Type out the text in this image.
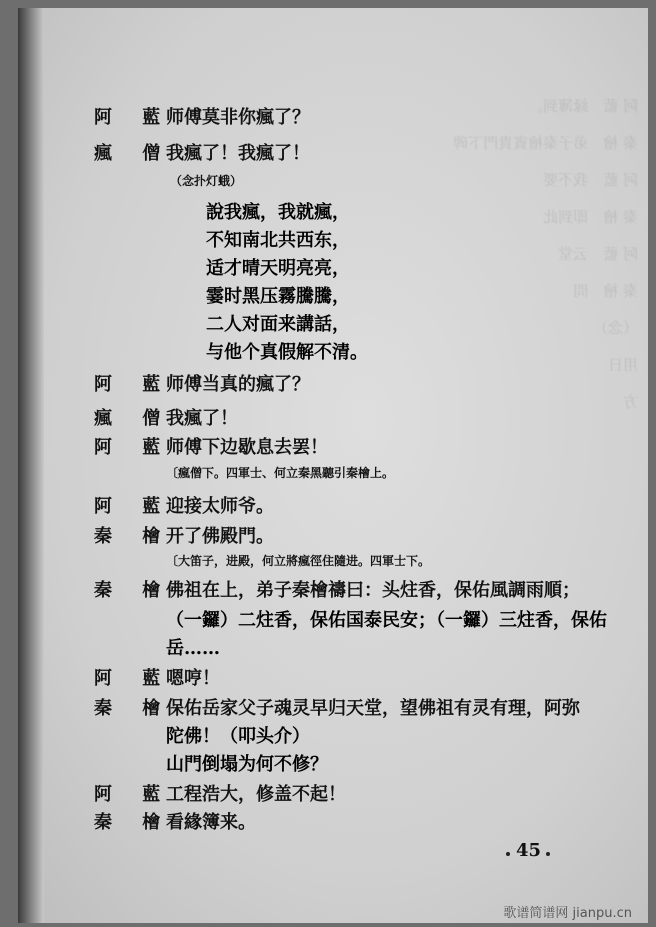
阿 藍　縁簿到。
秦 檜　弟子秦檜賓貴門下碑
阿 藍　我不要
秦 檜　即到此
阿 藍　云堂
秦 檜　問
（念）
用日
方
阿 藍
师傅莫非你瘋了？
瘋 僧
我瘋了！我瘋了！
（念扑灯蛾）
說我瘋，我就瘋，
不知南北共西东，
适才晴天明亮亮，
霎时黑压霧騰騰，
二人对面来講話，
与他个真假解不清。
阿 藍
师傅当真的瘋了？
瘋 僧
我瘋了！
阿 藍
师傅下边歇息去罢！
〔瘋僧下。四軍士、何立秦黑聽引秦檜上。
阿 藍
迎接太师爷。
秦 檜
开了佛殿門。
〔大笛子，进殿，何立將瘋徑住隨进。四軍士下。
秦 檜
佛祖在上，弟子秦檜禱曰：头炷香，保佑風調雨順；
（一鑼）二炷香，保佑国泰民安；（一鑼）三炷香，保佑
岳……
阿 藍
嗯哼！
秦 檜
保佑岳家父子魂灵早归天堂，望佛祖有灵有理，阿弥
陀佛！（叩头介）
山門倒塌为何不修？
阿 藍
工程浩大，修盖不起！
秦 檜
看緣簿来。
45
歌谱简谱网 jianpu.cn
